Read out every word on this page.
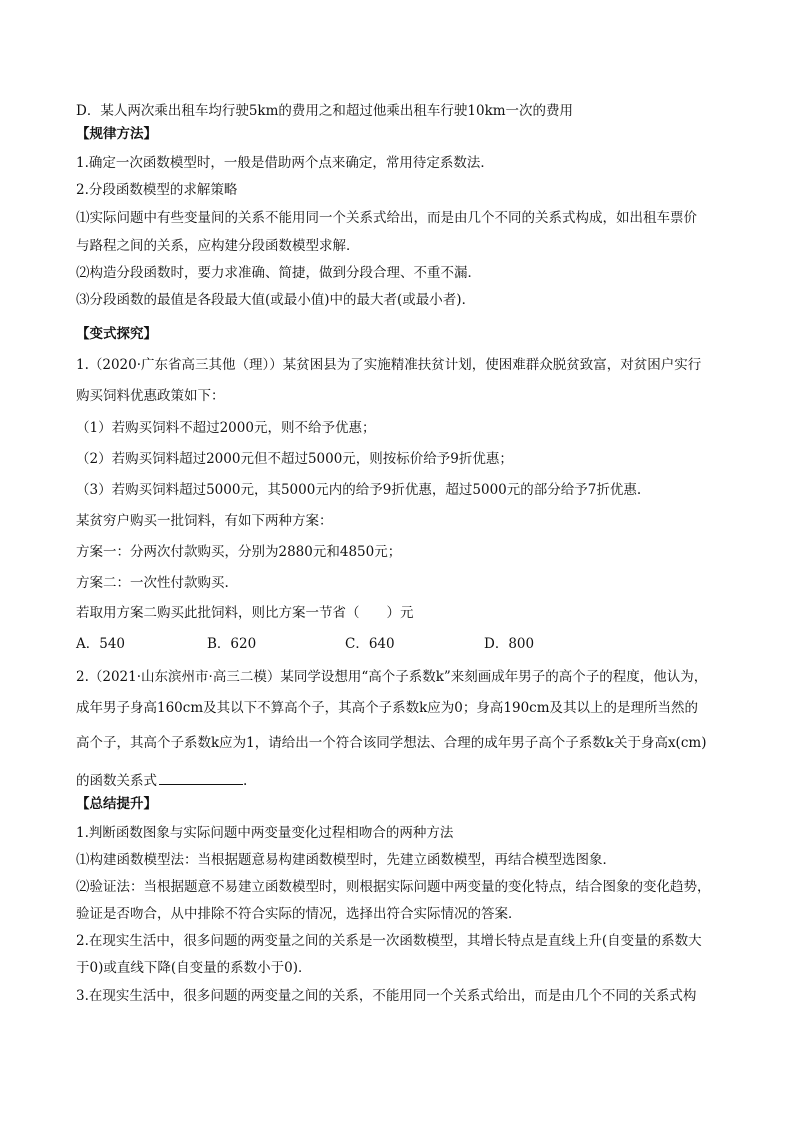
D．某人两次乘出租车均行驶5km的费用之和超过他乘出租车行驶10km一次的费用
【规律方法】
1.确定一次函数模型时，一般是借助两个点来确定，常用待定系数法．
2.分段函数模型的求解策略
⑴实际问题中有些变量间的关系不能用同一个关系式给出，而是由几个不同的关系式构成，如出租车票价
与路程之间的关系，应构建分段函数模型求解．
⑵构造分段函数时，要力求准确、简捷，做到分段合理、不重不漏．
⑶分段函数的最值是各段最大值(或最小值)中的最大者(或最小者)．
【变式探究】
1.（2020·广东省高三其他（理））某贫困县为了实施精准扶贫计划，使困难群众脱贫致富，对贫困户实行
购买饲料优惠政策如下：
（1）若购买饲料不超过2000元，则不给予优惠；
（2）若购买饲料超过2000元但不超过5000元，则按标价给予9折优惠；
（3）若购买饲料超过5000元，其5000元内的给予9折优惠，超过5000元的部分给予7折优惠.
某贫穷户购买一批饲料，有如下两种方案：
方案一：分两次付款购买，分别为2880元和4850元；
方案二：一次性付款购买.
若取用方案二购买此批饲料，则比方案一节省（　　）元
A．540	B．620	C．640	D．800
2.（2021·山东滨州市·高三二模）某同学设想用“高个子系数k”来刻画成年男子的高个子的程度，他认为，
成年男子身高160cm及其以下不算高个子，其高个子系数k应为0；身高190cm及其以上的是理所当然的
高个子，其高个子系数k应为1，请给出一个符合该同学想法、合理的成年男子高个子系数k关于身高x(cm)
的函数关系式	.
【总结提升】
1.判断函数图象与实际问题中两变量变化过程相吻合的两种方法
⑴构建函数模型法：当根据题意易构建函数模型时，先建立函数模型，再结合模型选图象．
⑵验证法：当根据题意不易建立函数模型时，则根据实际问题中两变量的变化特点，结合图象的变化趋势，
验证是否吻合，从中排除不符合实际的情况，选择出符合实际情况的答案．
2.在现实生活中，很多问题的两变量之间的关系是一次函数模型，其增长特点是直线上升(自变量的系数大
于0)或直线下降(自变量的系数小于0)．
3.在现实生活中，很多问题的两变量之间的关系，不能用同一个关系式给出，而是由几个不同的关系式构
